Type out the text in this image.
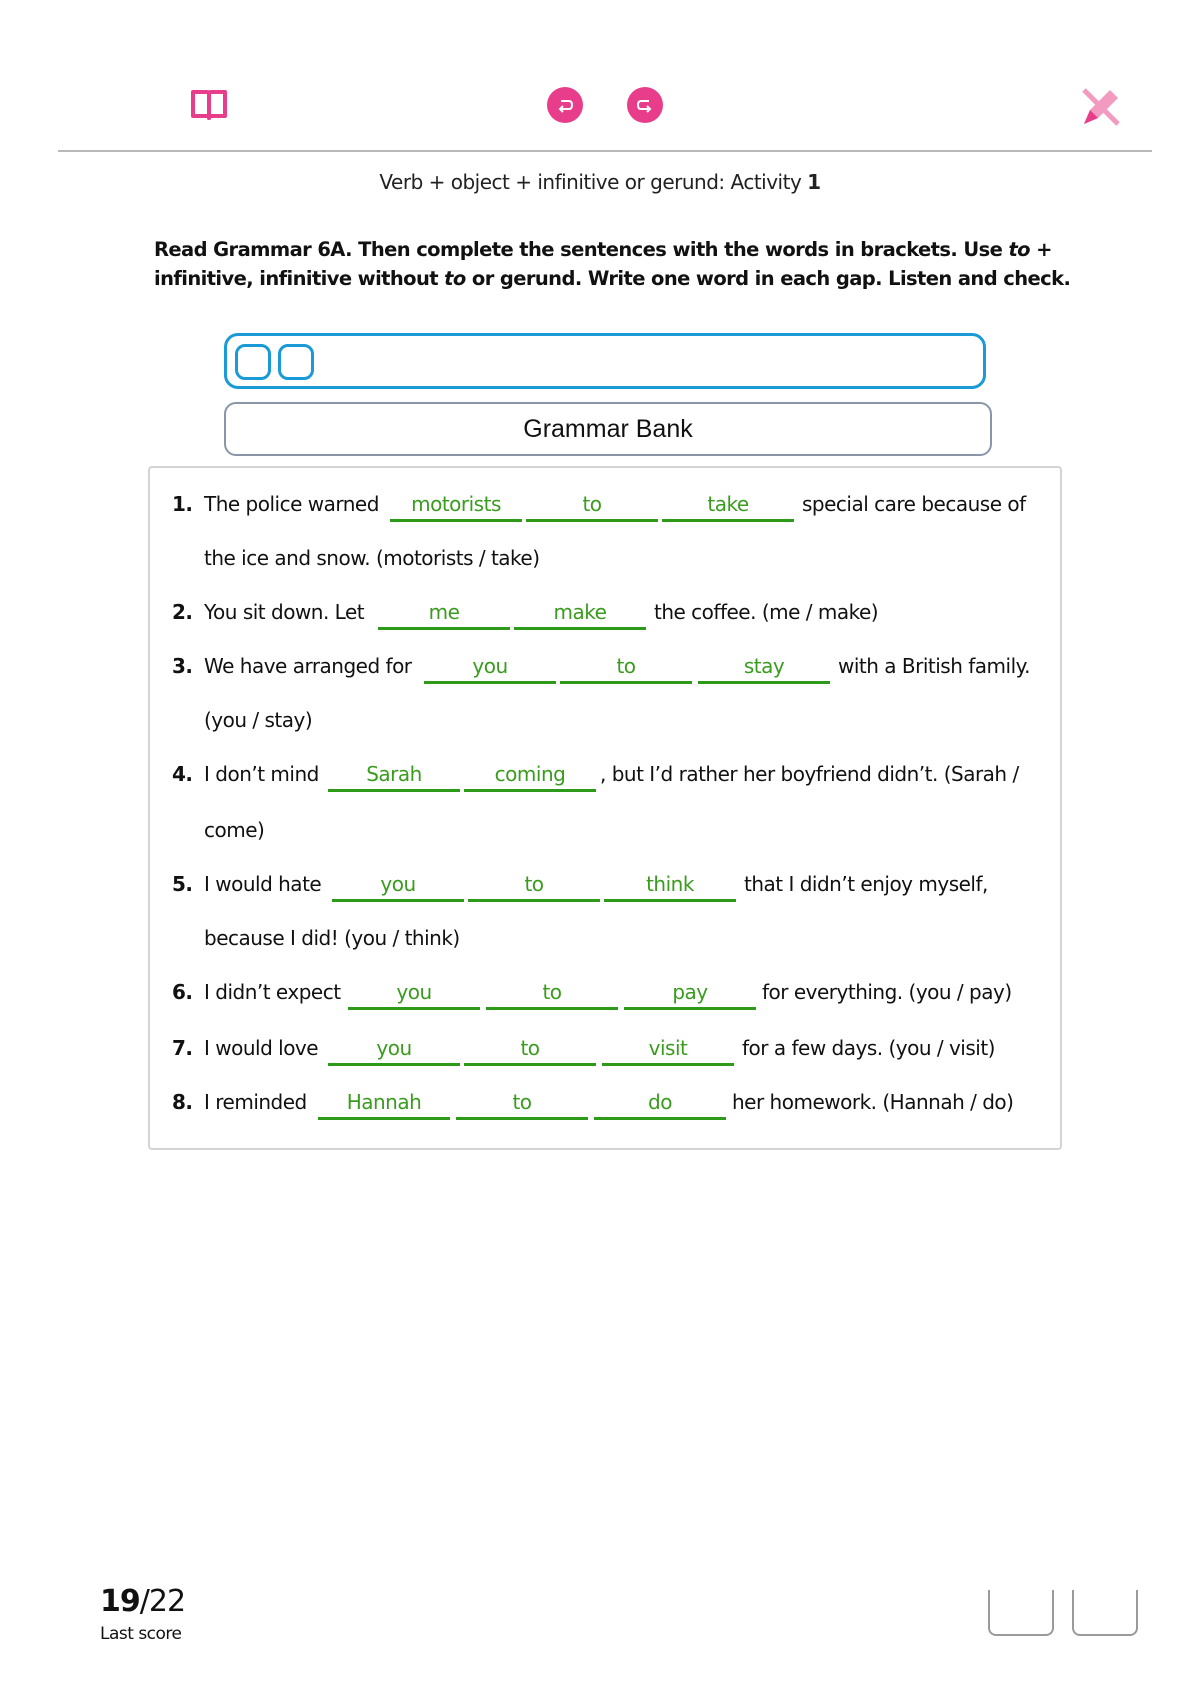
Verb + object + infinitive or gerund: Activity 1
Read Grammar 6A. Then complete the sentences with the words in brackets. Use to + infinitive, infinitive without to or gerund. Write one word in each gap. Listen and check.
Grammar Bank
1. The police warned	motorists	to	take	special care because of
the ice and snow. (motorists / take)
2. You sit down. Let	me	make	the coffee. (me / make)
3. We have arranged for	you	to	stay	with a British family.
(you / stay)
4. I don’t mind	Sarah	coming	, but I’d rather her boyfriend didn’t. (Sarah /
come)
5. I would hate	you	to	think	that I didn’t enjoy myself,
because I did! (you / think)
6. I didn’t expect	you	to	pay	for everything. (you / pay)
7. I would love	you	to	visit	for a few days. (you / visit)
8. I reminded	Hannah	to	do	her homework. (Hannah / do)
19/22
Last score
